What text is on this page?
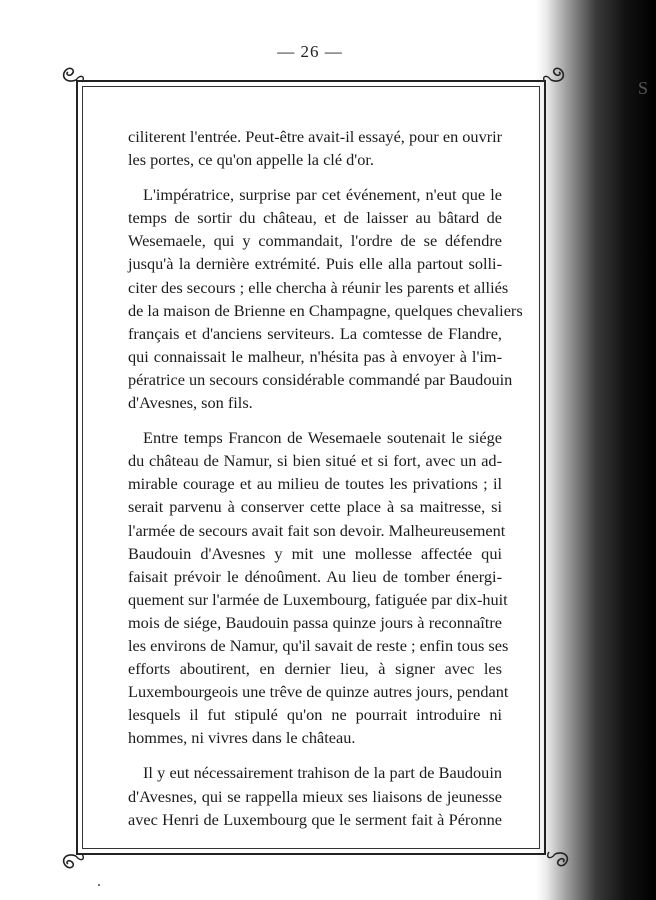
S
— 26 —
ciliterent l'entrée. Peut-être avait-il essayé, pour en ouvrir
les portes, ce qu'on appelle la clé d'or.
L'impératrice, surprise par cet événement, n'eut que le
temps de sortir du château, et de laisser au bâtard de
Wesemaele, qui y commandait, l'ordre de se défendre
jusqu'à la dernière extrémité. Puis elle alla partout solli-
citer des secours ; elle chercha à réunir les parents et alliés
de la maison de Brienne en Champagne, quelques chevaliers
français et d'anciens serviteurs. La comtesse de Flandre,
qui connaissait le malheur, n'hésita pas à envoyer à l'im-
pératrice un secours considérable commandé par Baudouin
d'Avesnes, son fils.
Entre temps Francon de Wesemaele soutenait le siége
du château de Namur, si bien situé et si fort, avec un ad-
mirable courage et au milieu de toutes les privations ; il
serait parvenu à conserver cette place à sa maitresse, si
l'armée de secours avait fait son devoir. Malheureusement
Baudouin d'Avesnes y mit une mollesse affectée qui
faisait prévoir le dénoûment. Au lieu de tomber énergi-
quement sur l'armée de Luxembourg, fatiguée par dix-huit
mois de siége, Baudouin passa quinze jours à reconnaître
les environs de Namur, qu'il savait de reste ; enfin tous ses
efforts aboutirent, en dernier lieu, à signer avec les
Luxembourgeois une trêve de quinze autres jours, pendant
lesquels il fut stipulé qu'on ne pourrait introduire ni
hommes, ni vivres dans le château.
Il y eut nécessairement trahison de la part de Baudouin
d'Avesnes, qui se rappella mieux ses liaisons de jeunesse
avec Henri de Luxembourg que le serment fait à Péronne
